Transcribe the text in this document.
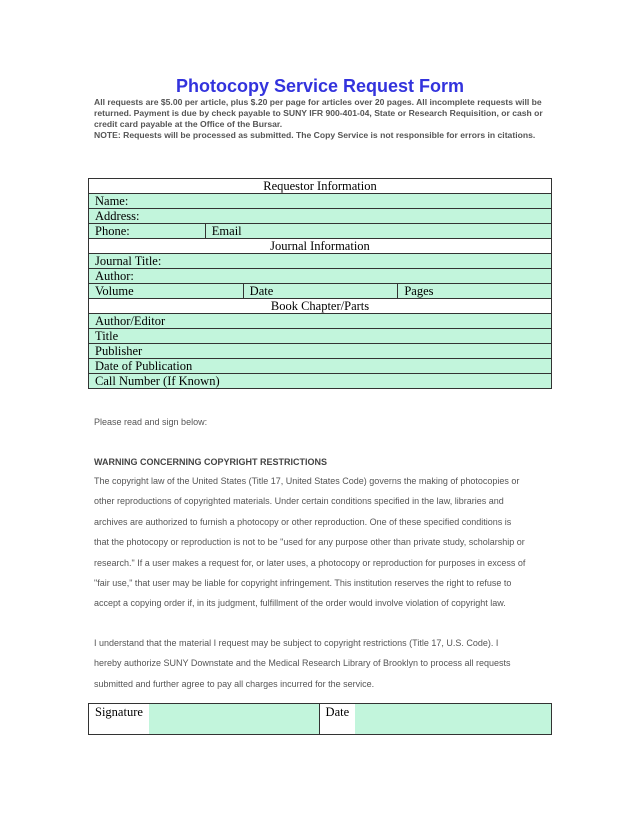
Photocopy Service Request Form

All requests are $5.00 per article, plus $.20 per page for articles over 20 pages. All incomplete requests will be returned. Payment is due by check payable to SUNY IFR 900-401-04, State or Research Requisition, or cash or credit card payable at the Office of the Bursar.

NOTE: Requests will be processed as submitted. The Copy Service is not responsible for errors in citations.

Requestor Information			
Name:			
Address:			
Phone:	Email		
Journal Information			
Journal Title:			
Author:			
Volume		Date	Pages
Book Chapter/Parts			
Author/Editor			
Title			
Publisher			
Date of Publication			
Call Number (If Known)			
Please read and sign below:
WARNING CONCERNING COPYRIGHT RESTRICTIONS

The copyright law of the United States (Title 17, United States Code) governs the making of photocopies or

other reproductions of copyrighted materials. Under certain conditions specified in the law, libraries and

archives are authorized to furnish a photocopy or other reproduction. One of these specified conditions is

that the photocopy or reproduction is not to be "used for any purpose other than private study, scholarship or

research." If a user makes a request for, or later uses, a photocopy or reproduction for purposes in excess of

"fair use," that user may be liable for copyright infringement. This institution reserves the right to refuse to

accept a copying order if, in its judgment, fulfillment of the order would involve violation of copyright law.

I understand that the material I request may be subject to copyright restrictions (Title 17, U.S. Code). I

hereby authorize SUNY Downstate and the Medical Research Library of Brooklyn to process all requests

submitted and further agree to pay all charges incurred for the service.

Signature		Date	
